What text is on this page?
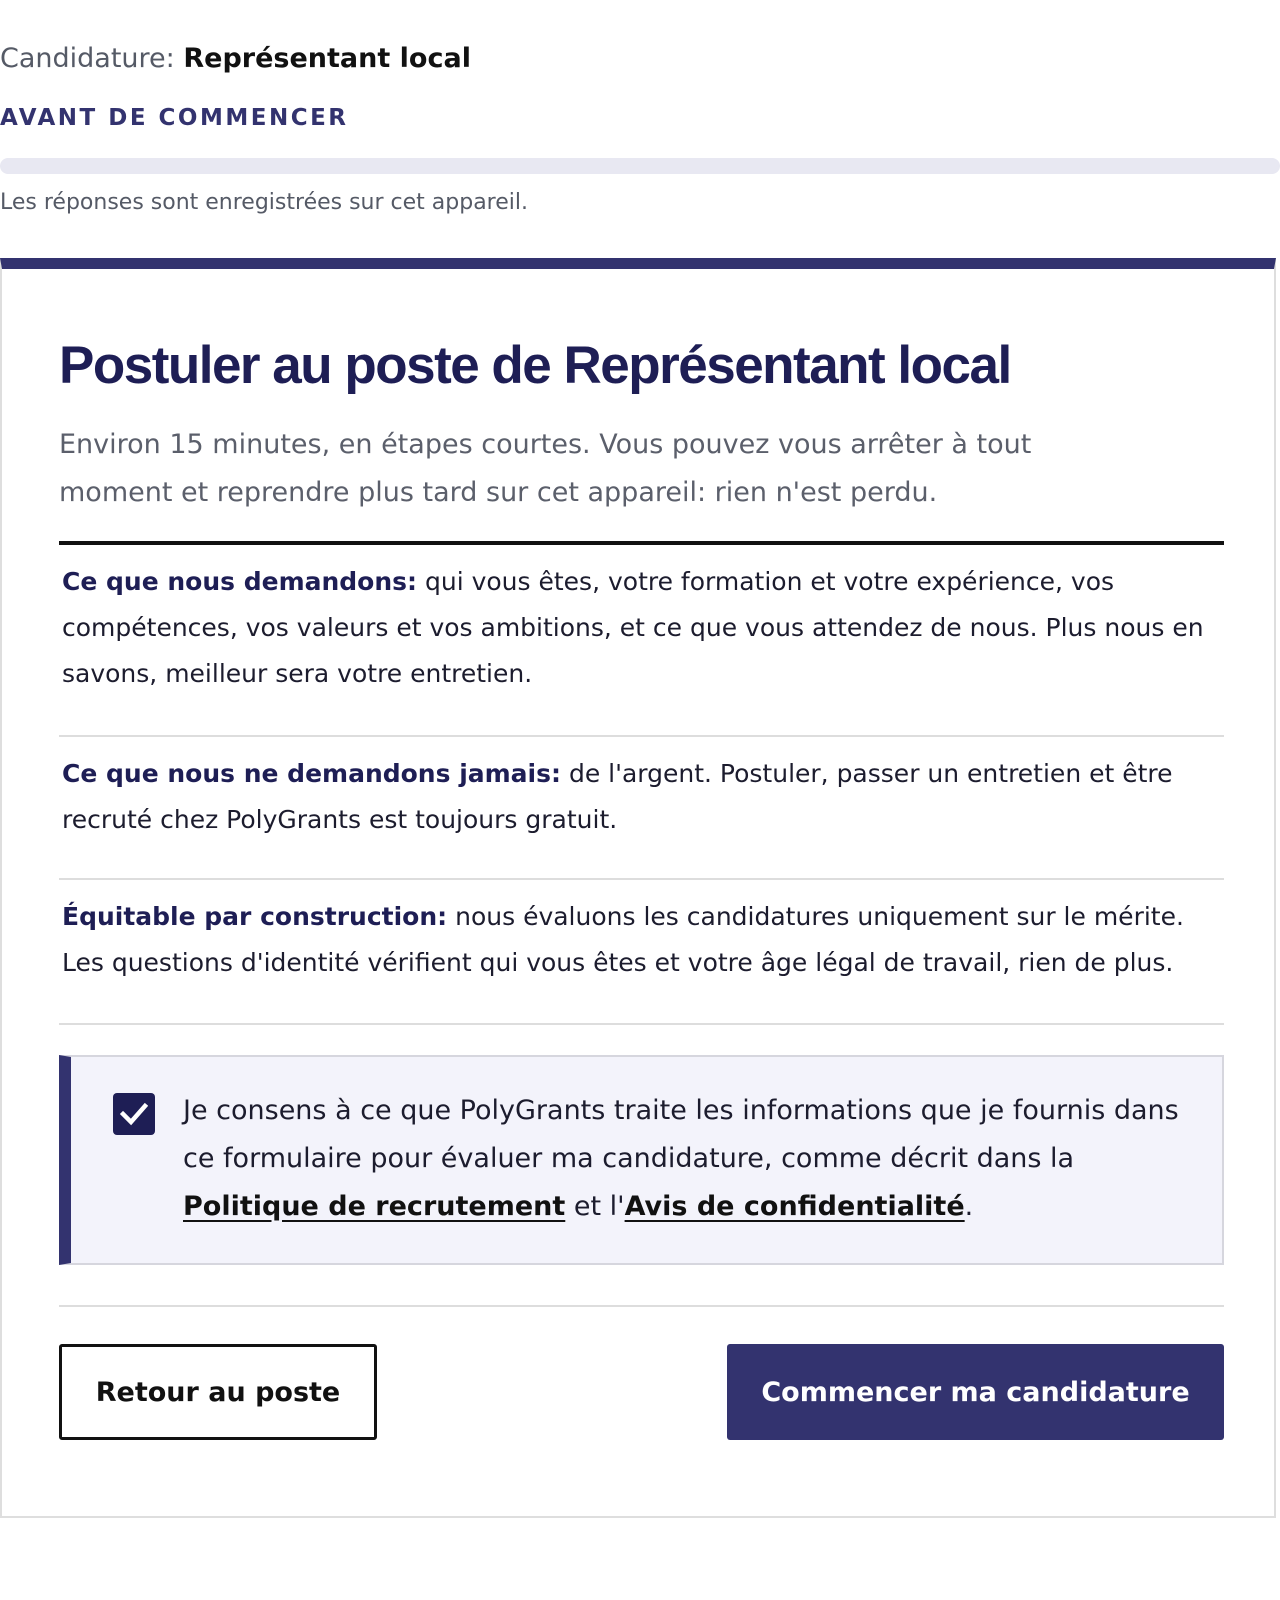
Candidature: Représentant local
AVANT DE COMMENCER
Les réponses sont enregistrées sur cet appareil.
Postuler au poste de Représentant local

Environ 15 minutes, en étapes courtes. Vous pouvez vous arrêter à tout moment et reprendre plus tard sur cet appareil: rien n'est perdu.

Ce que nous demandons: qui vous êtes, votre formation et votre expérience, vos compétences, vos valeurs et vos ambitions, et ce que vous attendez de nous. Plus nous en savons, meilleur sera votre entretien.

Ce que nous ne demandons jamais: de l'argent. Postuler, passer un entretien et être recruté chez PolyGrants est toujours gratuit.

Équitable par construction: nous évaluons les candidatures uniquement sur le mérite. Les questions d'identité vérifient qui vous êtes et votre âge légal de travail, rien de plus.

Je consens à ce que PolyGrants traite les informations que je fournis dans ce formulaire pour évaluer ma candidature, comme décrit dans la Politique de recrutement et l'Avis de confidentialité.

Retour au poste	Commencer ma candidature
